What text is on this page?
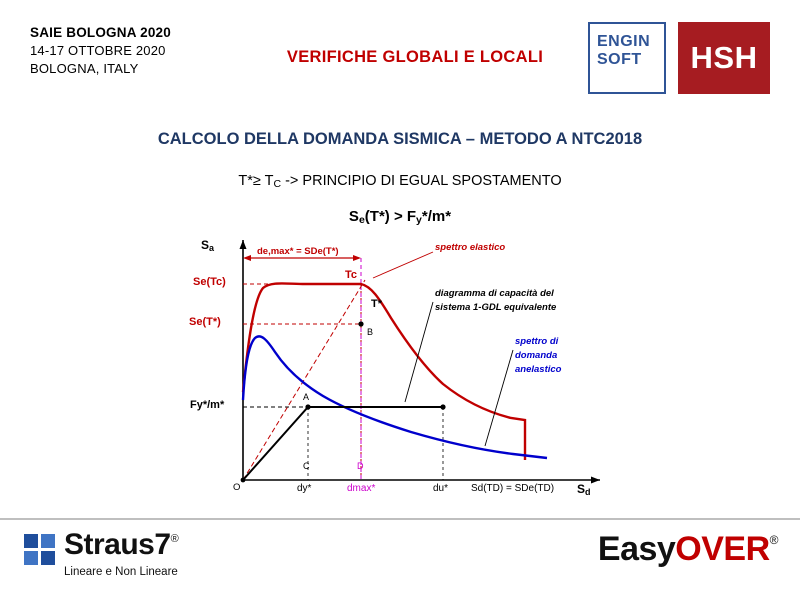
SAIE BOLOGNA 2020
14-17 OTTOBRE 2020
BOLOGNA, ITALY
VERIFICHE GLOBALI E LOCALI
ENGIN
SOFT	HSH
CALCOLO DELLA DOMANDA SISMICA – METODO A NTC2018
T*≥ TC -> PRINCIPIO DI EGUAL SPOSTAMENTO
Se(T*) > Fy*/m*
Sa
Sd
O
Se(Tc)
Se(T*)
Fy*/m*
dy*	dmax*	du* Sd(TD) = SDe(TD)
C	D
A
B
T*
Tc
de,max* = SDe(T*)	spettro elastico
diagramma di capacità del
sistema 1-GDL equivalente
spettro di
domanda
anelastico
Straus7®
Lineare e Non Lineare
EasyOVER®
